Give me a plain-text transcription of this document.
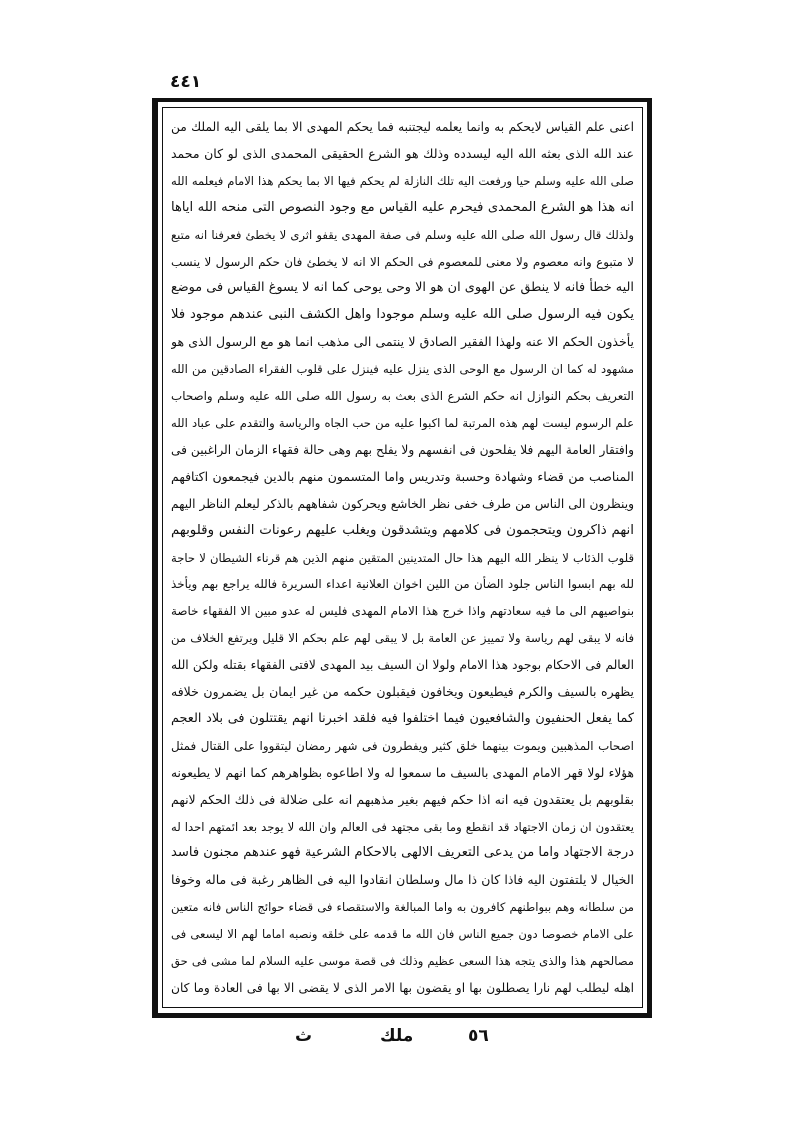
٤٤١
اعنى علم القياس لايحكم به وانما يعلمه ليجتنبه فما يحكم المهدى الا بما يلقى اليه الملك من
عند الله الذى بعثه الله اليه ليسدده وذلك هو الشرع الحقيقى المحمدى الذى لو كان محمد
صلى الله عليه وسلم حيا ورفعت اليه تلك النازلة لم يحكم فيها الا بما يحكم هذا الامام فيعلمه الله
انه هذا هو الشرع المحمدى فيحرم عليه القياس مع وجود النصوص التى منحه الله اياها
ولذلك قال رسول الله صلى الله عليه وسلم فى صفة المهدى يقفو اثرى لا يخطئ فعرفنا انه متبع
لا متبوع وانه معصوم ولا معنى للمعصوم فى الحكم الا انه لا يخطئ فان حكم الرسول لا ينسب
اليه خطأ فانه لا ينطق عن الهوى ان هو الا وحى يوحى كما انه لا يسوغ القياس فى موضع
يكون فيه الرسول صلى الله عليه وسلم موجودا واهل الكشف النبى عندهم موجود فلا
يأخذون الحكم الا عنه ولهذا الفقير الصادق لا ينتمى الى مذهب انما هو مع الرسول الذى هو
مشهود له كما ان الرسول مع الوحى الذى ينزل عليه فينزل على قلوب الفقراء الصادقين من الله
التعريف بحكم النوازل انه حكم الشرع الذى بعث به رسول الله صلى الله عليه وسلم واصحاب
علم الرسوم ليست لهم هذه المرتبة لما اكبوا عليه من حب الجاه والرياسة والتقدم على عباد الله
وافتقار العامة اليهم فلا يفلحون فى انفسهم ولا يفلح بهم وهى حالة فقهاء الزمان الراغبين فى
المناصب من قضاء وشهادة وحسبة وتدريس واما المتسمون منهم بالدين فيجمعون اكتافهم
وينظرون الى الناس من طرف خفى نظر الخاشع ويحركون شفاههم بالذكر ليعلم الناظر اليهم
انهم ذاكرون ويتحجمون فى كلامهم ويتشدقون ويغلب عليهم رعونات النفس وقلوبهم
قلوب الذئاب لا ينظر الله اليهم هذا حال المتدينين المتقين منهم الذين هم قرناء الشيطان لا حاجة
لله بهم ابسوا الناس جلود الضأن من اللين اخوان العلانية اعداء السريرة فالله يراجع بهم ويأخذ
بنواصيهم الى ما فيه سعادتهم واذا خرج هذا الامام المهدى فليس له عدو مبين الا الفقهاء خاصة
فانه لا يبقى لهم رياسة ولا تمييز عن العامة بل لا يبقى لهم علم بحكم الا قليل ويرتفع الخلاف من
العالم فى الاحكام بوجود هذا الامام ولولا ان السيف بيد المهدى لافتى الفقهاء بقتله ولكن الله
يظهره بالسيف والكرم فيطيعون ويخافون فيقبلون حكمه من غير ايمان بل يضمرون خلافه
كما يفعل الحنفيون والشافعيون فيما اختلفوا فيه فلقد اخبرنا انهم يقتتلون فى بلاد العجم
اصحاب المذهبين ويموت بينهما خلق كثير ويفطرون فى شهر رمضان ليتقووا على القتال فمثل
هؤلاء لولا قهر الامام المهدى بالسيف ما سمعوا له ولا اطاعوه بظواهرهم كما انهم لا يطيعونه
بقلوبهم بل يعتقدون فيه انه اذا حكم فيهم بغير مذهبهم انه على ضلالة فى ذلك الحكم لانهم
يعتقدون ان زمان الاجتهاد قد انقطع وما بقى مجتهد فى العالم وان الله لا يوجد بعد ائمتهم احدا له
درجة الاجتهاد واما من يدعى التعريف الالهى بالاحكام الشرعية فهو عندهم مجنون فاسد
الخيال لا يلتفتون اليه فاذا كان ذا مال وسلطان انقادوا اليه فى الظاهر رغبة فى ماله وخوفا
من سلطانه وهم ببواطنهم كافرون به واما المبالغة والاستقصاء فى قضاء حوائج الناس فانه متعين
على الامام خصوصا دون جميع الناس فان الله ما قدمه على خلقه ونصبه اماما لهم الا ليسعى فى
مصالحهم هذا والذى يتجه هذا السعى عظيم وذلك فى قصة موسى عليه السلام لما مشى فى حق
اهله ليطلب لهم نارا يصطلون بها او يقضون بها الامر الذى لا يقضى الا بها فى العادة وما كان
ث	ملك	٥٦
